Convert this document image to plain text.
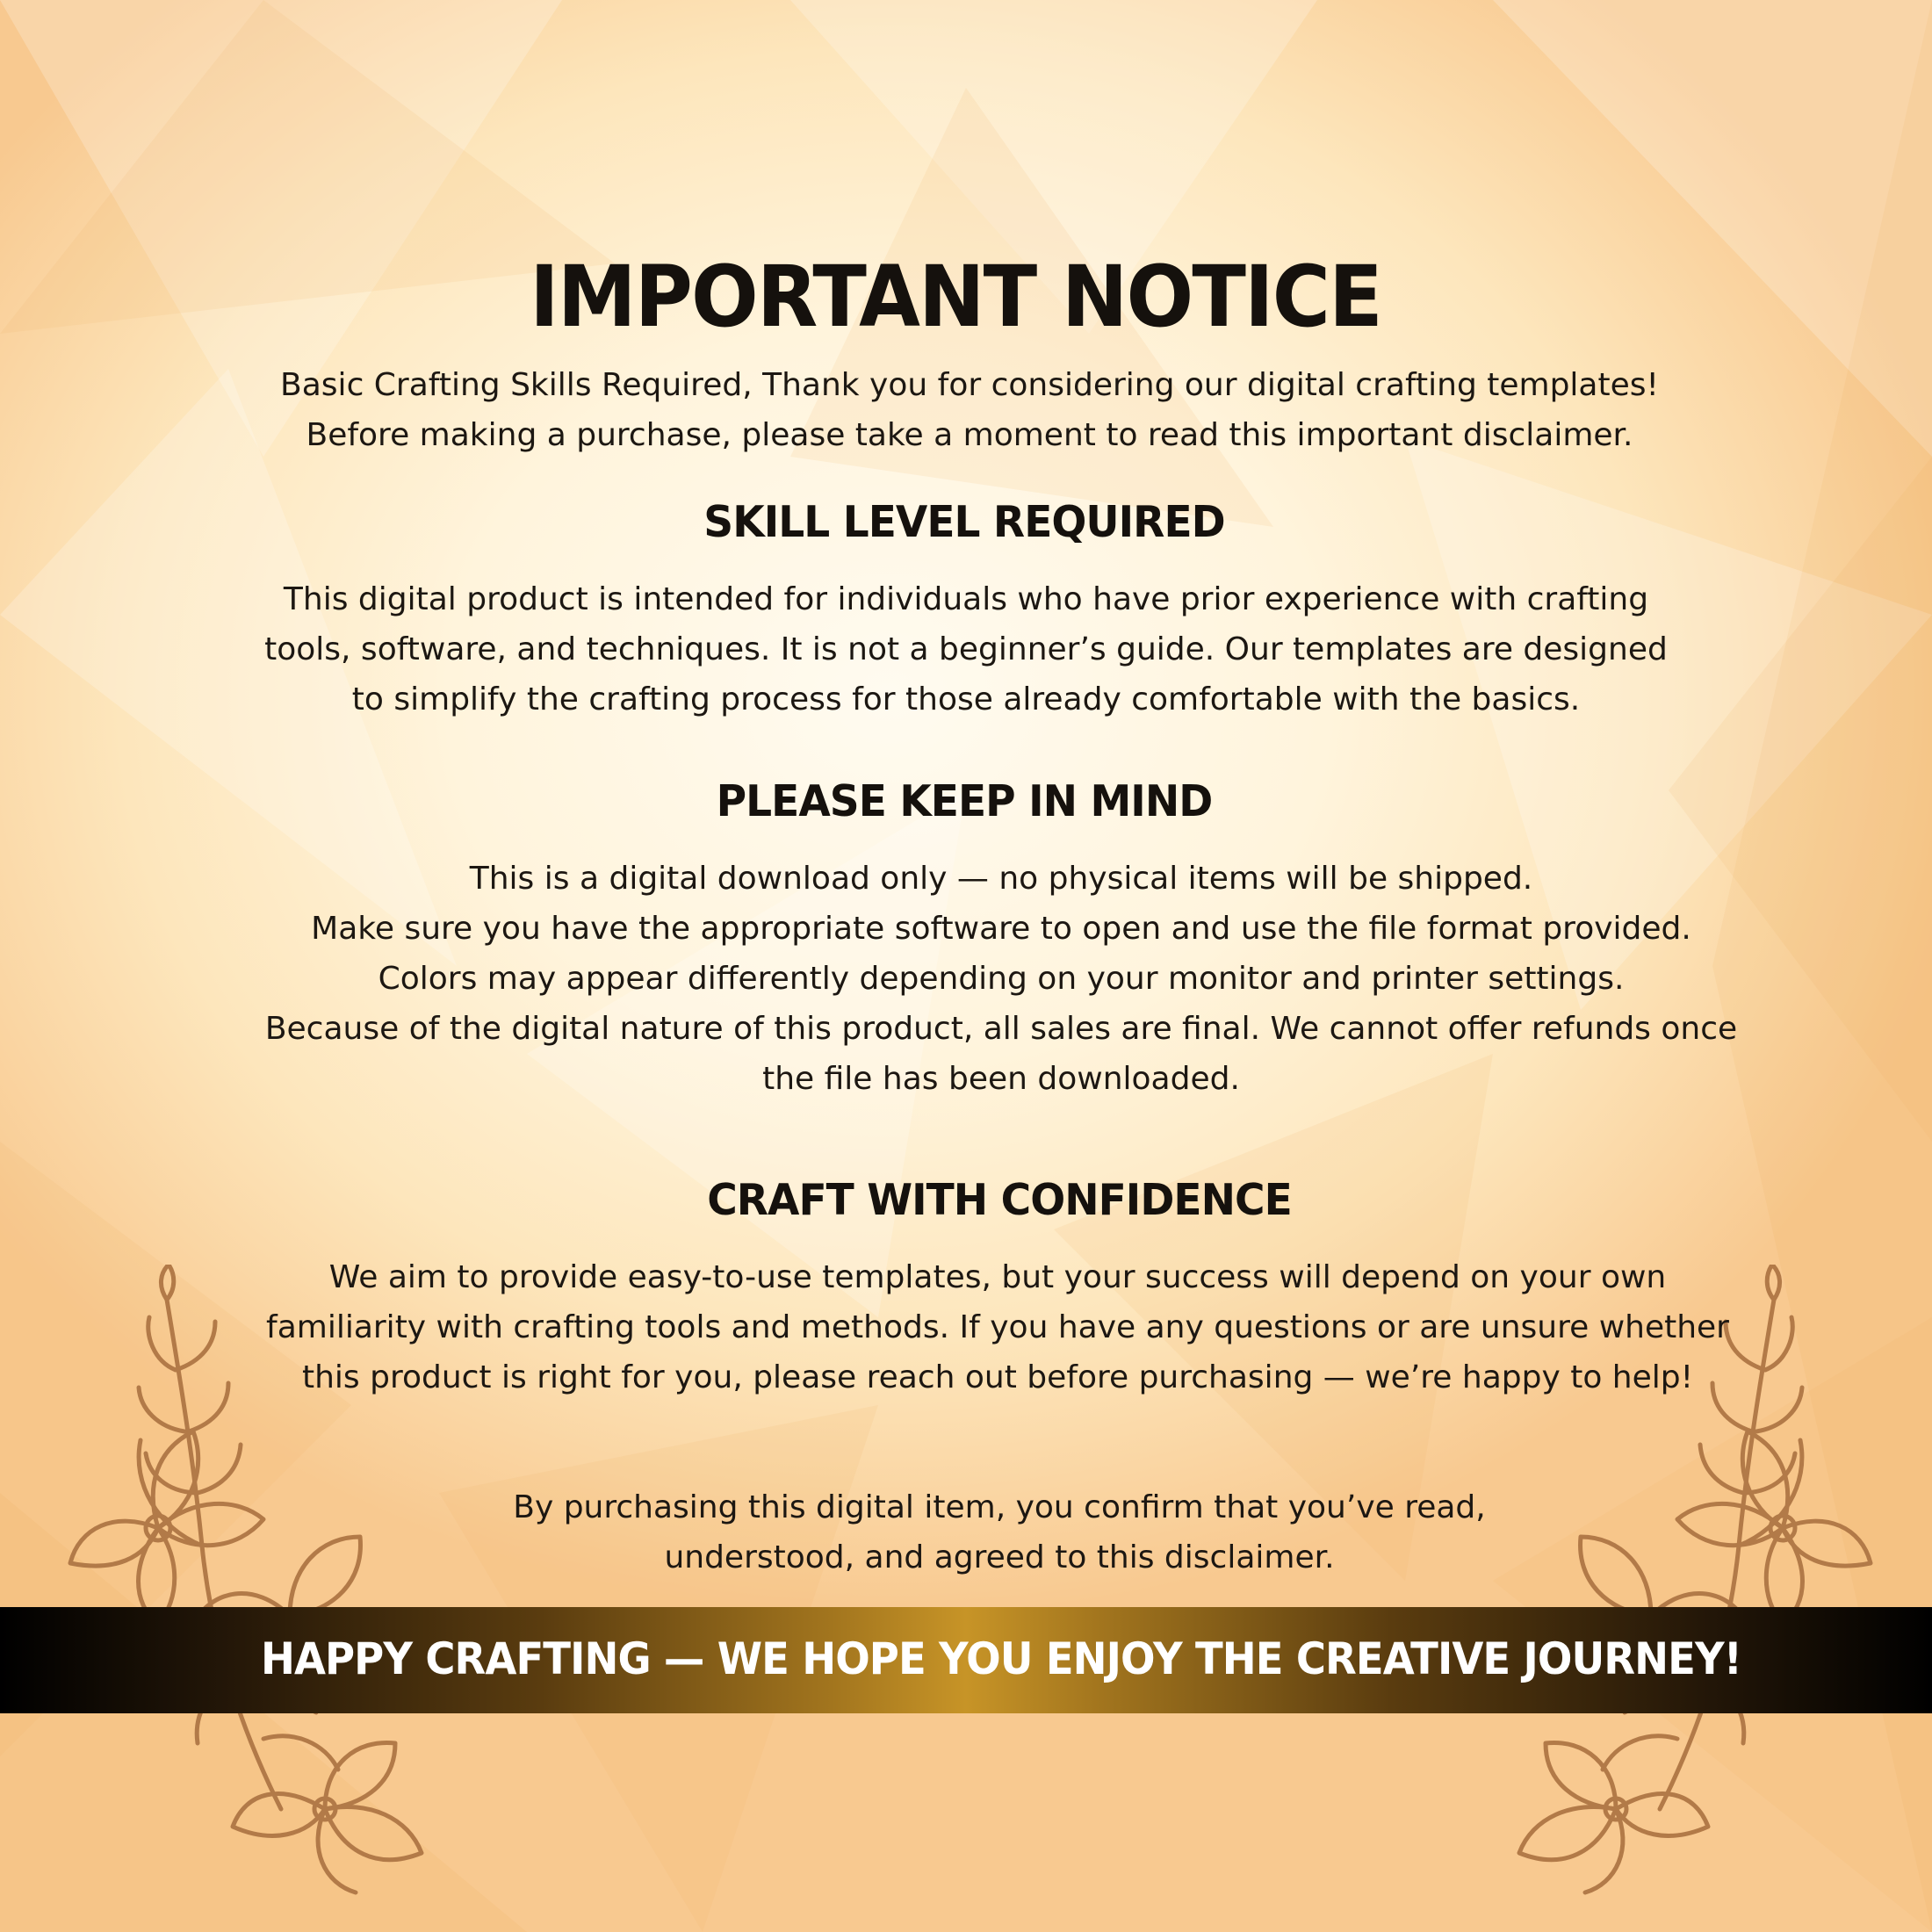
IMPORTANT NOTICE
Basic Crafting Skills Required, Thank you for considering our digital crafting templates!
Before making a purchase, please take a moment to read this important disclaimer.
SKILL LEVEL REQUIRED
This digital product is intended for individuals who have prior experience with crafting
tools, software, and techniques. It is not a beginner’s guide. Our templates are designed
to simplify the crafting process for those already comfortable with the basics.
PLEASE KEEP IN MIND
This is a digital download only — no physical items will be shipped.
Make sure you have the appropriate software to open and use the file format provided.
Colors may appear differently depending on your monitor and printer settings.
Because of the digital nature of this product, all sales are final. We cannot offer refunds once
the file has been downloaded.
CRAFT WITH CONFIDENCE
We aim to provide easy-to-use templates, but your success will depend on your own
familiarity with crafting tools and methods. If you have any questions or are unsure whether
this product is right for you, please reach out before purchasing — we’re happy to help!
By purchasing this digital item, you confirm that you’ve read,
understood, and agreed to this disclaimer.
HAPPY CRAFTING — WE HOPE YOU ENJOY THE CREATIVE JOURNEY!
